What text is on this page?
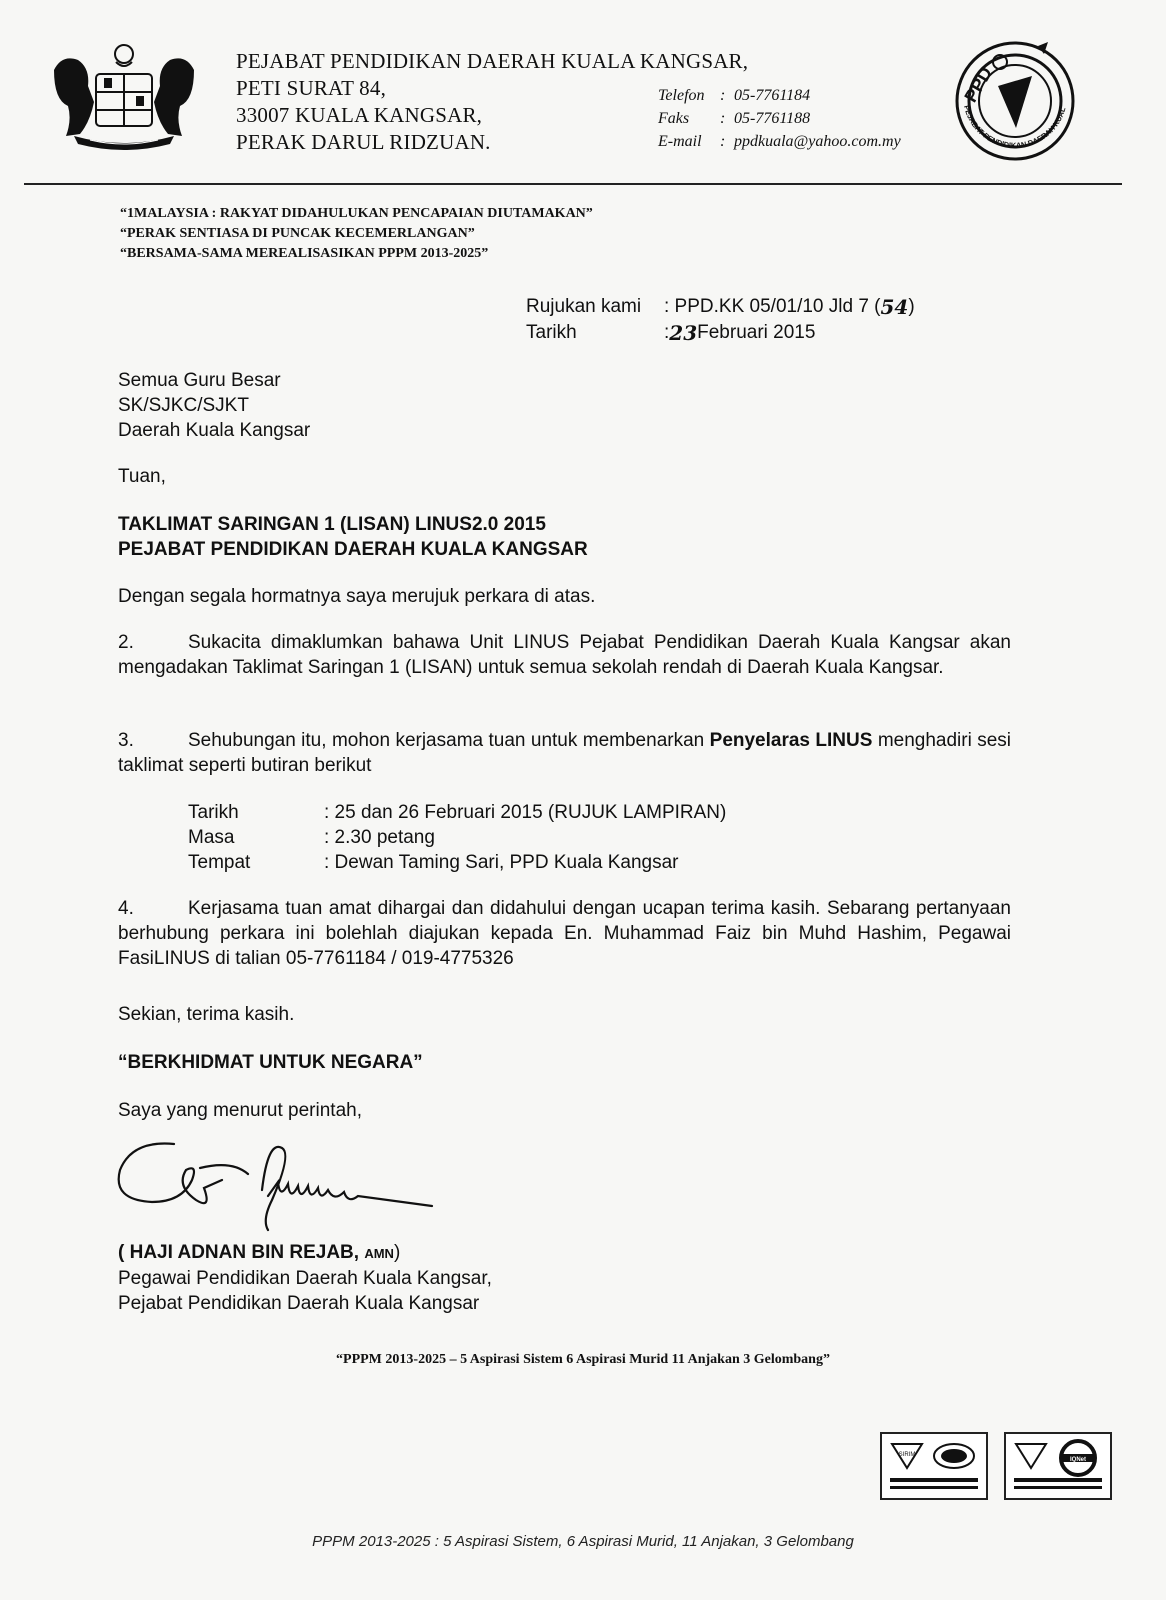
PEJABAT PENDIDIKAN DAERAH KUALA KANGSAR,
PETI SURAT 84,
33007 KUALA KANGSAR,
PERAK DARUL RIDZUAN.
Telefon : 05-7761184
Faks	: 05-7761188
E-mail	: ppdkuala@yahoo.com.my
PPD
PEJABAT PENDIDIKAN DAERAH KUAL
“1MALAYSIA : RAKYAT DIDAHULUKAN PENCAPAIAN DIUTAMAKAN”
“PERAK SENTIASA DI PUNCAK KECEMERLANGAN”
“BERSAMA-SAMA MEREALISASIKAN PPPM 2013-2025”
Rujukan kami	: PPD.KK 05/01/10 Jld 7 ( 54 )
Tarikh	: 23 Februari 2015
Semua Guru Besar
SK/SJKC/SJKT
Daerah Kuala Kangsar
Tuan,
TAKLIMAT SARINGAN 1 (LISAN) LINUS2.0 2015
PEJABAT PENDIDIKAN DAERAH KUALA KANGSAR
Dengan segala hormatnya saya merujuk perkara di atas.
2.	Sukacita dimaklumkan bahawa Unit LINUS Pejabat Pendidikan Daerah Kuala Kangsar akan mengadakan Taklimat Saringan 1 (LISAN) untuk semua sekolah rendah di Daerah Kuala Kangsar.
3.	Sehubungan itu, mohon kerjasama tuan untuk membenarkan Penyelaras LINUS menghadiri sesi taklimat seperti butiran berikut
Tarikh	: 25 dan 26 Februari 2015 (RUJUK LAMPIRAN)
Masa	: 2.30 petang
Tempat	: Dewan Taming Sari, PPD Kuala Kangsar
4.	Kerjasama tuan amat dihargai dan didahului dengan ucapan terima kasih. Sebarang pertanyaan berhubung perkara ini bolehlah diajukan kepada En. Muhammad Faiz bin Muhd Hashim, Pegawai FasiLINUS di talian 05-7761184 / 019-4775326
Sekian, terima kasih.
“BERKHIDMAT UNTUK NEGARA”
Saya yang menurut perintah,
( HAJI ADNAN BIN REJAB, AMN)
Pegawai Pendidikan Daerah Kuala Kangsar,
Pejabat Pendidikan Daerah Kuala Kangsar
“PPPM 2013-2025 – 5 Aspirasi Sistem 6 Aspirasi Murid 11 Anjakan 3 Gelombang”
SIRIM
IQNet
PPPM 2013-2025 : 5 Aspirasi Sistem, 6 Aspirasi Murid, 11 Anjakan, 3 Gelombang
